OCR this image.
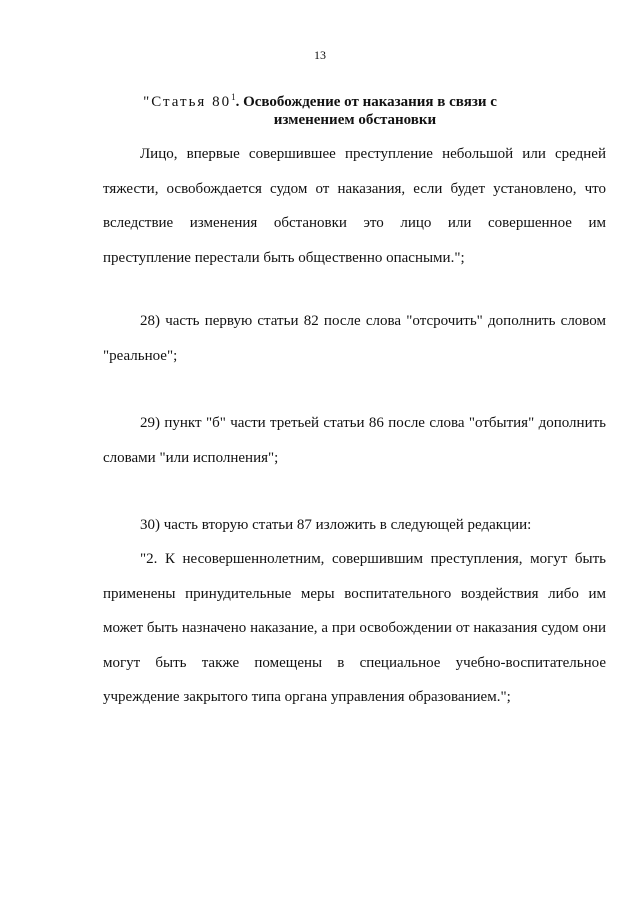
13
"Статья $80^1$. Освобождение от наказания в связи с
изменением обстановки

Лицо, впервые совершившее преступление небольшой или средней тяжести, освобождается судом от наказания, если будет установлено, что вследствие изменения обстановки это лицо или совершенное им преступление перестали быть общественно опасными.";

28) часть первую статьи 82 после слова "отсрочить" дополнить словом "реальное";

29) пункт "б" части третьей статьи 86 после слова "отбытия" дополнить словами "или исполнения";

30) часть вторую статьи 87 изложить в следующей редакции:

"2. К несовершеннолетним, совершившим преступления, могут быть применены принудительные меры воспитательного воздействия либо им может быть назначено наказание, а при освобождении от наказания судом они могут быть также помещены в специальное учебно-воспитательное учреждение закрытого типа органа управления образованием.";
